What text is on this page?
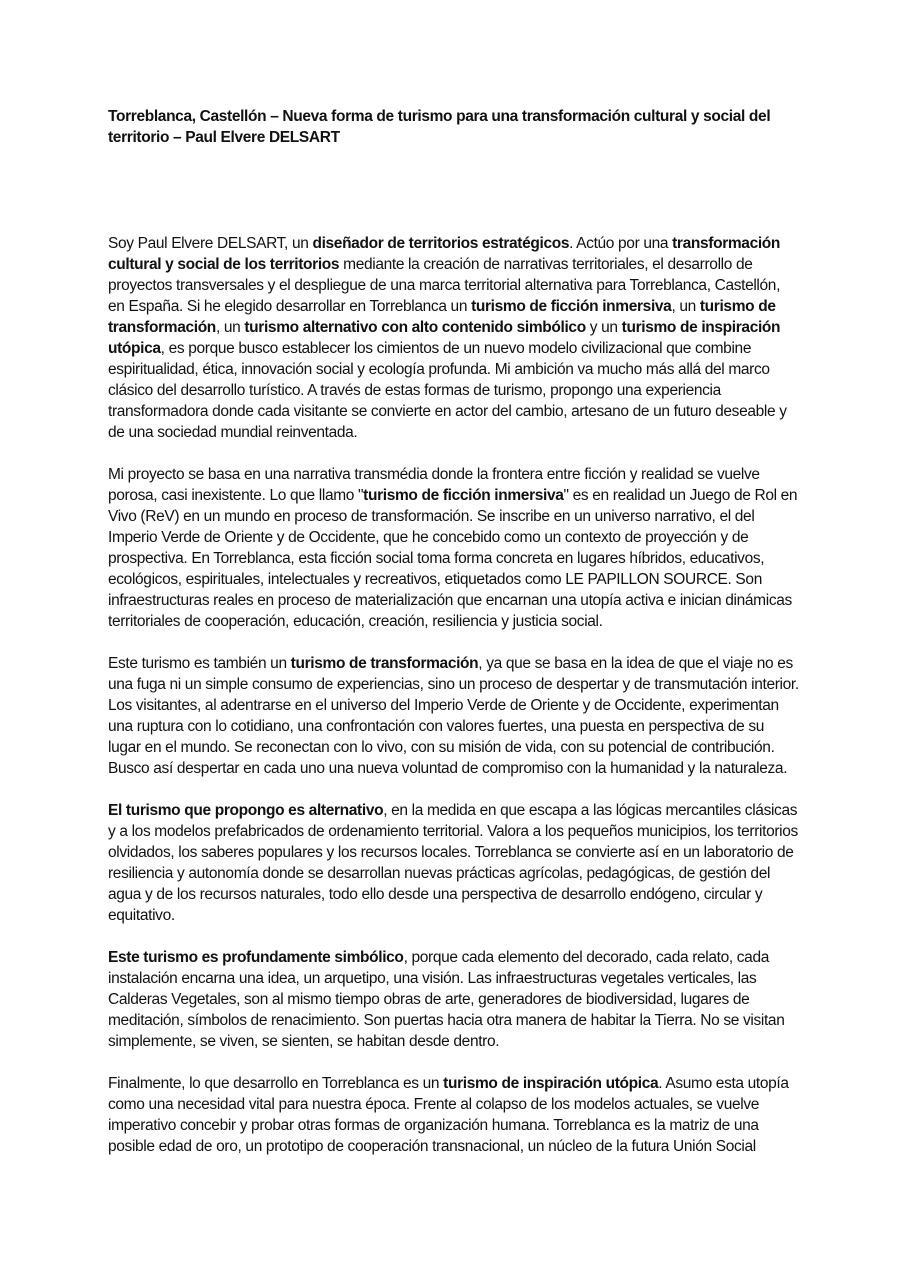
Torreblanca, Castellón – Nueva forma de turismo para una transformación cultural y social del territorio – Paul Elvere DELSART

Soy Paul Elvere DELSART, un diseñador de territorios estratégicos. Actúo por una transformación cultural y social de los territorios mediante la creación de narrativas territoriales, el desarrollo de proyectos transversales y el despliegue de una marca territorial alternativa para Torreblanca, Castellón, en España. Si he elegido desarrollar en Torreblanca un turismo de ficción inmersiva, un turismo de transformación, un turismo alternativo con alto contenido simbólico y un turismo de inspiración utópica, es porque busco establecer los cimientos de un nuevo modelo civilizacional que combine espiritualidad, ética, innovación social y ecología profunda. Mi ambición va mucho más allá del marco clásico del desarrollo turístico. A través de estas formas de turismo, propongo una experiencia transformadora donde cada visitante se convierte en actor del cambio, artesano de un futuro deseable y de una sociedad mundial reinventada.

Mi proyecto se basa en una narrativa transmédia donde la frontera entre ficción y realidad se vuelve porosa, casi inexistente. Lo que llamo "turismo de ficción inmersiva" es en realidad un Juego de Rol en Vivo (ReV) en un mundo en proceso de transformación. Se inscribe en un universo narrativo, el del Imperio Verde de Oriente y de Occidente, que he concebido como un contexto de proyección y de prospectiva. En Torreblanca, esta ficción social toma forma concreta en lugares híbridos, educativos, ecológicos, espirituales, intelectuales y recreativos, etiquetados como LE PAPILLON SOURCE. Son infraestructuras reales en proceso de materialización que encarnan una utopía activa e inician dinámicas territoriales de cooperación, educación, creación, resiliencia y justicia social.

Este turismo es también un turismo de transformación, ya que se basa en la idea de que el viaje no es una fuga ni un simple consumo de experiencias, sino un proceso de despertar y de transmutación interior. Los visitantes, al adentrarse en el universo del Imperio Verde de Oriente y de Occidente, experimentan una ruptura con lo cotidiano, una confrontación con valores fuertes, una puesta en perspectiva de su lugar en el mundo. Se reconectan con lo vivo, con su misión de vida, con su potencial de contribución. Busco así despertar en cada uno una nueva voluntad de compromiso con la humanidad y la naturaleza.

El turismo que propongo es alternativo, en la medida en que escapa a las lógicas mercantiles clásicas y a los modelos prefabricados de ordenamiento territorial. Valora a los pequeños municipios, los territorios olvidados, los saberes populares y los recursos locales. Torreblanca se convierte así en un laboratorio de resiliencia y autonomía donde se desarrollan nuevas prácticas agrícolas, pedagógicas, de gestión del agua y de los recursos naturales, todo ello desde una perspectiva de desarrollo endógeno, circular y equitativo.

Este turismo es profundamente simbólico, porque cada elemento del decorado, cada relato, cada instalación encarna una idea, un arquetipo, una visión. Las infraestructuras vegetales verticales, las Calderas Vegetales, son al mismo tiempo obras de arte, generadores de biodiversidad, lugares de meditación, símbolos de renacimiento. Son puertas hacia otra manera de habitar la Tierra. No se visitan simplemente, se viven, se sienten, se habitan desde dentro.

Finalmente, lo que desarrollo en Torreblanca es un turismo de inspiración utópica. Asumo esta utopía como una necesidad vital para nuestra época. Frente al colapso de los modelos actuales, se vuelve imperativo concebir y probar otras formas de organización humana. Torreblanca es la matriz de una posible edad de oro, un prototipo de cooperación transnacional, un núcleo de la futura Unión Social
